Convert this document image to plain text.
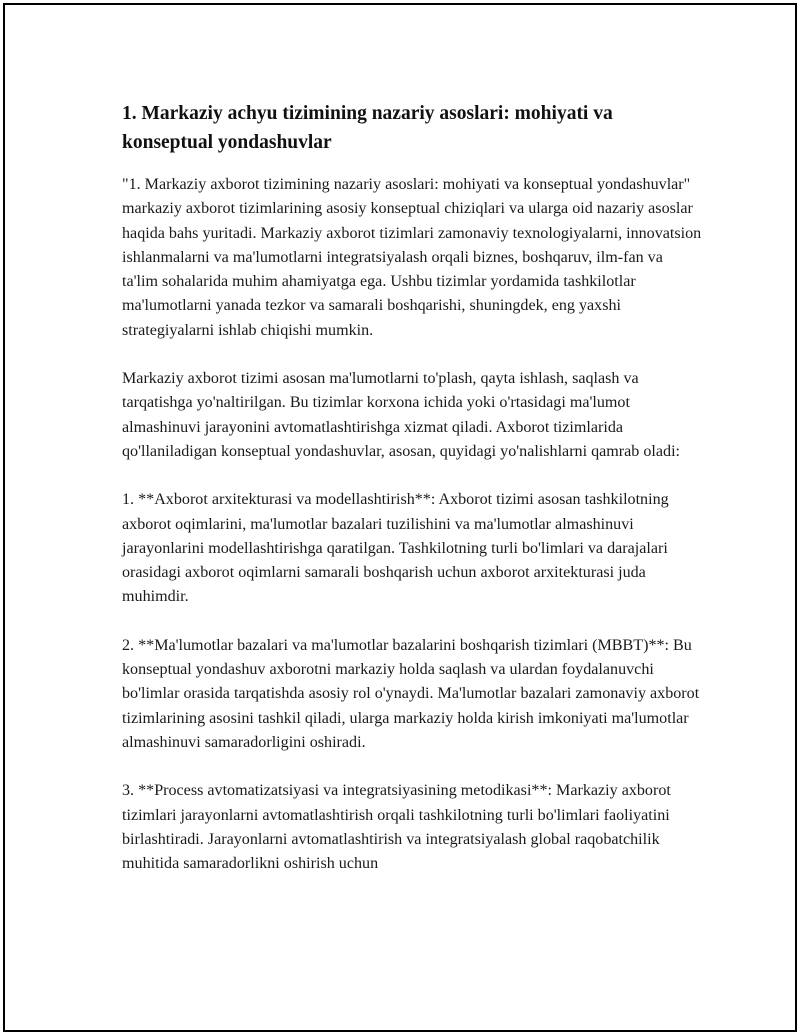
1. Markaziy achyu tizimining nazariy asoslari: mohiyati va konseptual yondashuvlar

"1. Markaziy axborot tizimining nazariy asoslari: mohiyati va konseptual yondashuvlar" markaziy axborot tizimlarining asosiy konseptual chiziqlari va ularga oid nazariy asoslar haqida bahs yuritadi. Markaziy axborot tizimlari zamonaviy texnologiyalarni, innovatsion ishlanmalarni va ma'lumotlarni integratsiyalash orqali biznes, boshqaruv, ilm-fan va ta'lim sohalarida muhim ahamiyatga ega. Ushbu tizimlar yordamida tashkilotlar ma'lumotlarni yanada tezkor va samarali boshqarishi, shuningdek, eng yaxshi strategiyalarni ishlab chiqishi mumkin.

Markaziy axborot tizimi asosan ma'lumotlarni to'plash, qayta ishlash, saqlash va tarqatishga yo'naltirilgan. Bu tizimlar korxona ichida yoki o'rtasidagi ma'lumot almashinuvi jarayonini avtomatlashtirishga xizmat qiladi. Axborot tizimlarida qo'llaniladigan konseptual yondashuvlar, asosan, quyidagi yo'nalishlarni qamrab oladi:

1. **Axborot arxitekturasi va modellashtirish**: Axborot tizimi asosan tashkilotning axborot oqimlarini, ma'lumotlar bazalari tuzilishini va ma'lumotlar almashinuvi jarayonlarini modellashtirishga qaratilgan. Tashkilotning turli bo'limlari va darajalari orasidagi axborot oqimlarni samarali boshqarish uchun axborot arxitekturasi juda muhimdir.

2. **Ma'lumotlar bazalari va ma'lumotlar bazalarini boshqarish tizimlari (MBBT)**: Bu konseptual yondashuv axborotni markaziy holda saqlash va ulardan foydalanuvchi bo'limlar orasida tarqatishda asosiy rol o'ynaydi. Ma'lumotlar bazalari zamonaviy axborot tizimlarining asosini tashkil qiladi, ularga markaziy holda kirish imkoniyati ma'lumotlar almashinuvi samaradorligini oshiradi.

3. **Process avtomatizatsiyasi va integratsiyasining metodikasi**: Markaziy axborot tizimlari jarayonlarni avtomatlashtirish orqali tashkilotning turli bo'limlari faoliyatini birlashtiradi. Jarayonlarni avtomatlashtirish va integratsiyalash global raqobatchilik muhitida samaradorlikni oshirish uchun
